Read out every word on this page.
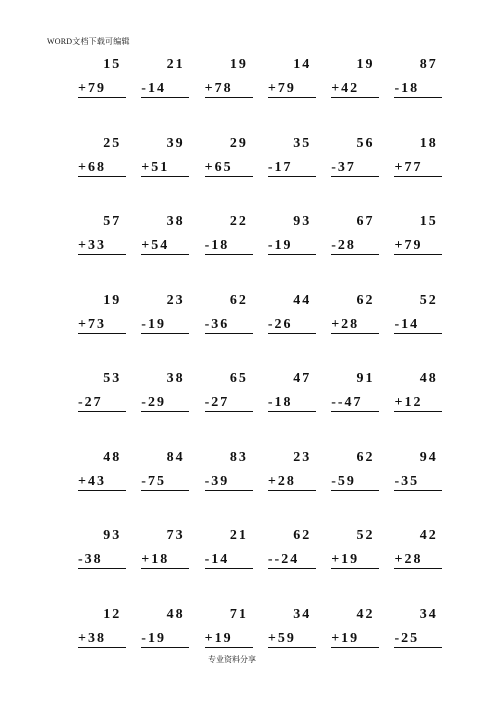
WORD文档下载可编辑
15
+79
21
-14
19
+78
14
+79
19
+42
87
-18
25
+68
39
+51
29
+65
35
-17
56
-37
18
+77
57
+33
38
+54
22
-18
93
-19
67
-28
15
+79
19
+73
23
-19
62
-36
44
-26
62
+28
52
-14
53
-27
38
-29
65
-27
47
-18
91
--47
48
+12
48
+43
84
-75
83
-39
23
+28
62
-59
94
-35
93
-38
73
+18
21
-14
62
--24
52
+19
42
+28
12
+38
48
-19
71
+19
34
+59
42
+19
34
-25
专业资料分享
